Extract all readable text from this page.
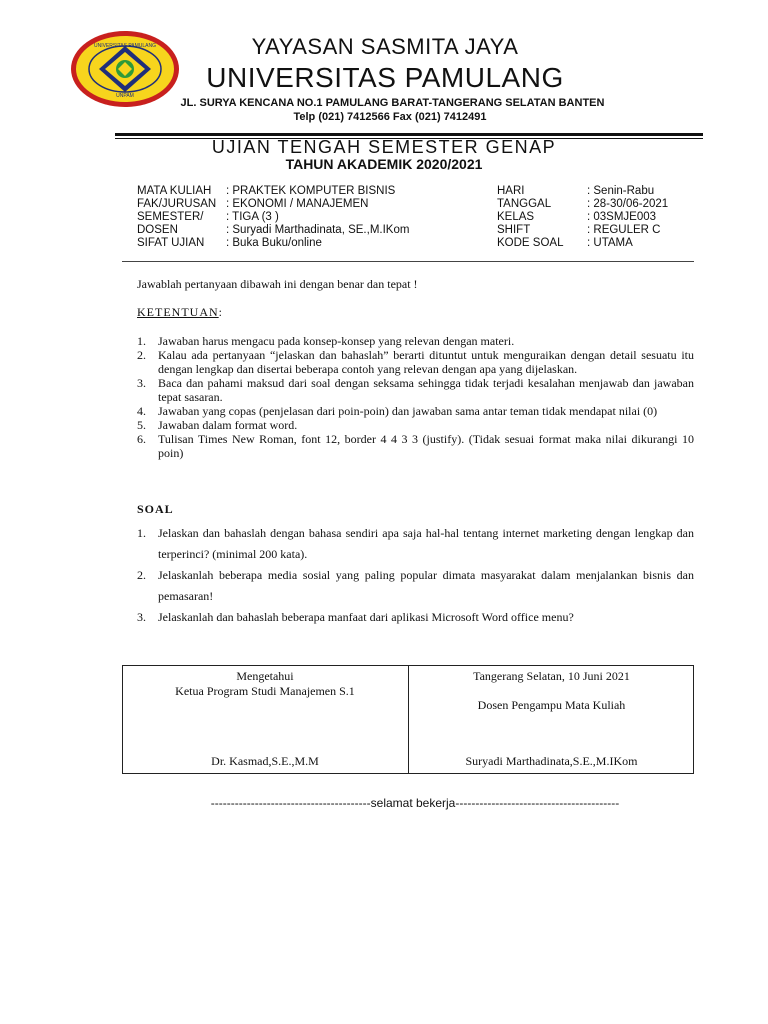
UNIVERSITAS PAMULANG
UNPAM
YAYASAN SASMITA JAYA
UNIVERSITAS PAMULANG
JL. SURYA KENCANA NO.1 PAMULANG BARAT-TANGERANG SELATAN BANTEN
Telp (021) 7412566 Fax (021) 7412491
UJIAN TENGAH SEMESTER GENAP
TAHUN AKADEMIK 2020/2021
MATA KULIAH : PRAKTEK KOMPUTER BISNIS
FAK/JURUSAN : EKONOMI / MANAJEMEN
SEMESTER/ : TIGA (3 )
DOSEN	: Suryadi Marthadinata, SE.,M.IKom
SIFAT UJIAN : Buka Buku/online
HARI	: Senin-Rabu
TANGGAL	: 28-30/06-2021
KELAS	: 03SMJE003
SHIFT	: REGULER C
KODE SOAL : UTAMA
Jawablah pertanyaan dibawah ini dengan benar dan tepat !
KETENTUAN:
1. Jawaban harus mengacu pada konsep-konsep yang relevan dengan materi.
2. Kalau ada pertanyaan “jelaskan dan bahaslah” berarti dituntut untuk menguraikan dengan detail sesuatu itu dengan lengkap dan disertai beberapa contoh yang relevan dengan apa yang dijelaskan.
3. Baca dan pahami maksud dari soal dengan seksama sehingga tidak terjadi kesalahan menjawab dan jawaban tepat sasaran.
4. Jawaban yang copas (penjelasan dari poin-poin) dan jawaban sama antar teman tidak mendapat nilai (0)
5. Jawaban dalam format word.
6. Tulisan Times New Roman, font 12, border 4 4 3 3 (justify). (Tidak sesuai format maka nilai dikurangi 10 poin)
SOAL
1. Jelaskan dan bahaslah dengan bahasa sendiri apa saja hal-hal tentang internet marketing dengan lengkap dan terperinci? (minimal 200 kata).
2. Jelaskanlah beberapa media sosial yang paling popular dimata masyarakat dalam menjalankan bisnis dan pemasaran!
3. Jelaskanlah dan bahaslah beberapa manfaat dari aplikasi Microsoft Word office menu?
Mengetahui
Ketua Program Studi Manajemen S.1
Dr. Kasmad,S.E.,M.M
Tangerang Selatan, 10 Juni 2021
Dosen Pengampu Mata Kuliah
Suryadi Marthadinata,S.E.,M.IKom
----------------------------------------selamat bekerja-----------------------------------------
